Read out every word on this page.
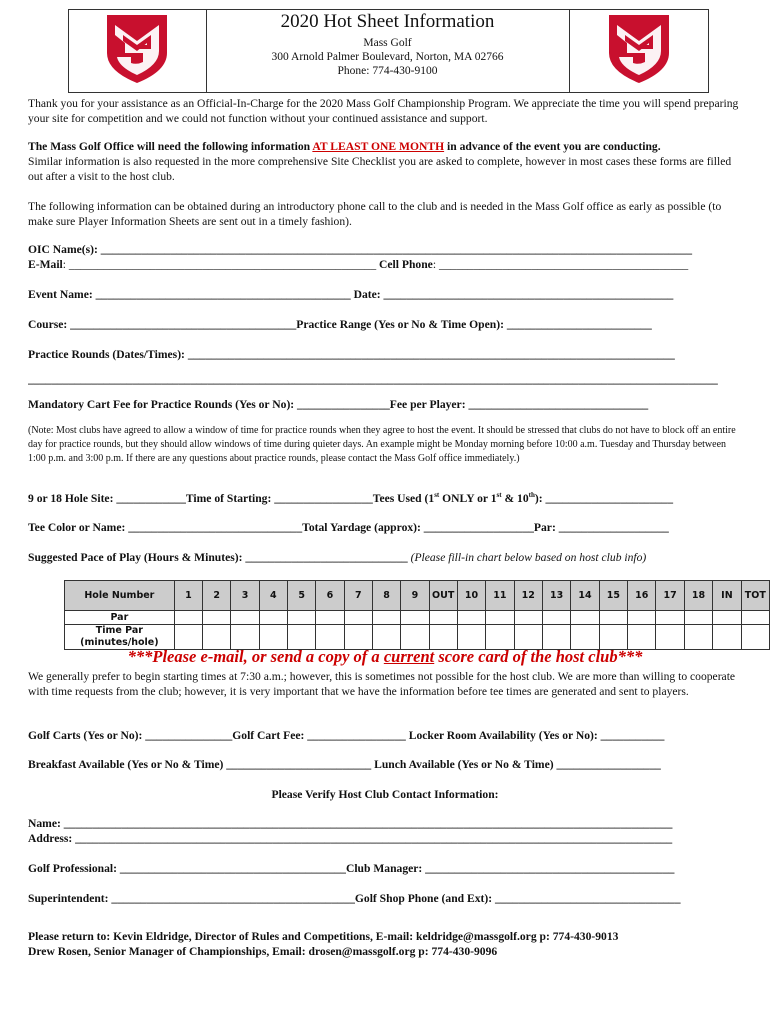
2020 Hot Sheet Information
Mass Golf
300 Arnold Palmer Boulevard, Norton, MA 02766
Phone: 774-430-9100
Thank you for your assistance as an Official-In-Charge for the 2020 Mass Golf Championship Program. We appreciate the time you will spend preparing your site for competition and we could not function without your continued assistance and support.
The Mass Golf Office will need the following information AT LEAST ONE MONTH in advance of the event you are conducting.
Similar information is also requested in the more comprehensive Site Checklist you are asked to complete, however in most cases these forms are filled out after a visit to the host club.
The following information can be obtained during an introductory phone call to the club and is needed in the Mass Golf office as early as possible (to make sure Player Information Sheets are sent out in a timely fashion).
OIC Name(s): ______________________________________________________________________________________________________
E-Mail: _____________________________________________________ Cell Phone: ___________________________________________
Event Name: ____________________________________________ Date: __________________________________________________
Course: _______________________________________Practice Range (Yes or No & Time Open): _________________________
Practice Rounds (Dates/Times): ____________________________________________________________________________________
_______________________________________________________________________________________________________________________
Mandatory Cart Fee for Practice Rounds (Yes or No): ________________Fee per Player: _______________________________
(Note: Most clubs have agreed to allow a window of time for practice rounds when they agree to host the event. It should be stressed that clubs do not have to block off an entire day for practice rounds, but they should allow windows of time during quieter days. An example might be Monday morning before 10:00 a.m. Tuesday and Thursday between 1:00 p.m. and 3:00 p.m. If there are any questions about practice rounds, please contact the Mass Golf office immediately.)
9 or 18 Hole Site: ____________Time of Starting: _________________Tees Used (1st ONLY or 1st & 10th): ______________________
Tee Color or Name: ______________________________Total Yardage (approx): ___________________Par: ___________________
Suggested Pace of Play (Hours & Minutes): ____________________________ (Please fill-in chart below based on host club info)
Hole Number	1	2	3	4	5	6	7	8	9	OUT	10	11	12	13	14	15	16	17	18	IN	TOT
Par																					
Time Par (minutes/hole)																					
***Please e-mail, or send a copy of a current score card of the host club***
We generally prefer to begin starting times at 7:30 a.m.; however, this is sometimes not possible for the host club. We are more than willing to cooperate with time requests from the club; however, it is very important that we have the information before tee times are generated and sent to players.
Golf Carts (Yes or No): _______________Golf Cart Fee: _________________ Locker Room Availability (Yes or No): ___________
Breakfast Available (Yes or No & Time) _________________________ Lunch Available (Yes or No & Time) __________________
Please Verify Host Club Contact Information:
Name: _________________________________________________________________________________________________________
Address: _______________________________________________________________________________________________________
Golf Professional: _______________________________________Club Manager: ___________________________________________
Superintendent: __________________________________________Golf Shop Phone (and Ext): ________________________________
Please return to: Kevin Eldridge, Director of Rules and Competitions, E-mail: keldridge@massgolf.org p: 774-430-9013
Drew Rosen, Senior Manager of Championships, Email: drosen@massgolf.org p: 774-430-9096
